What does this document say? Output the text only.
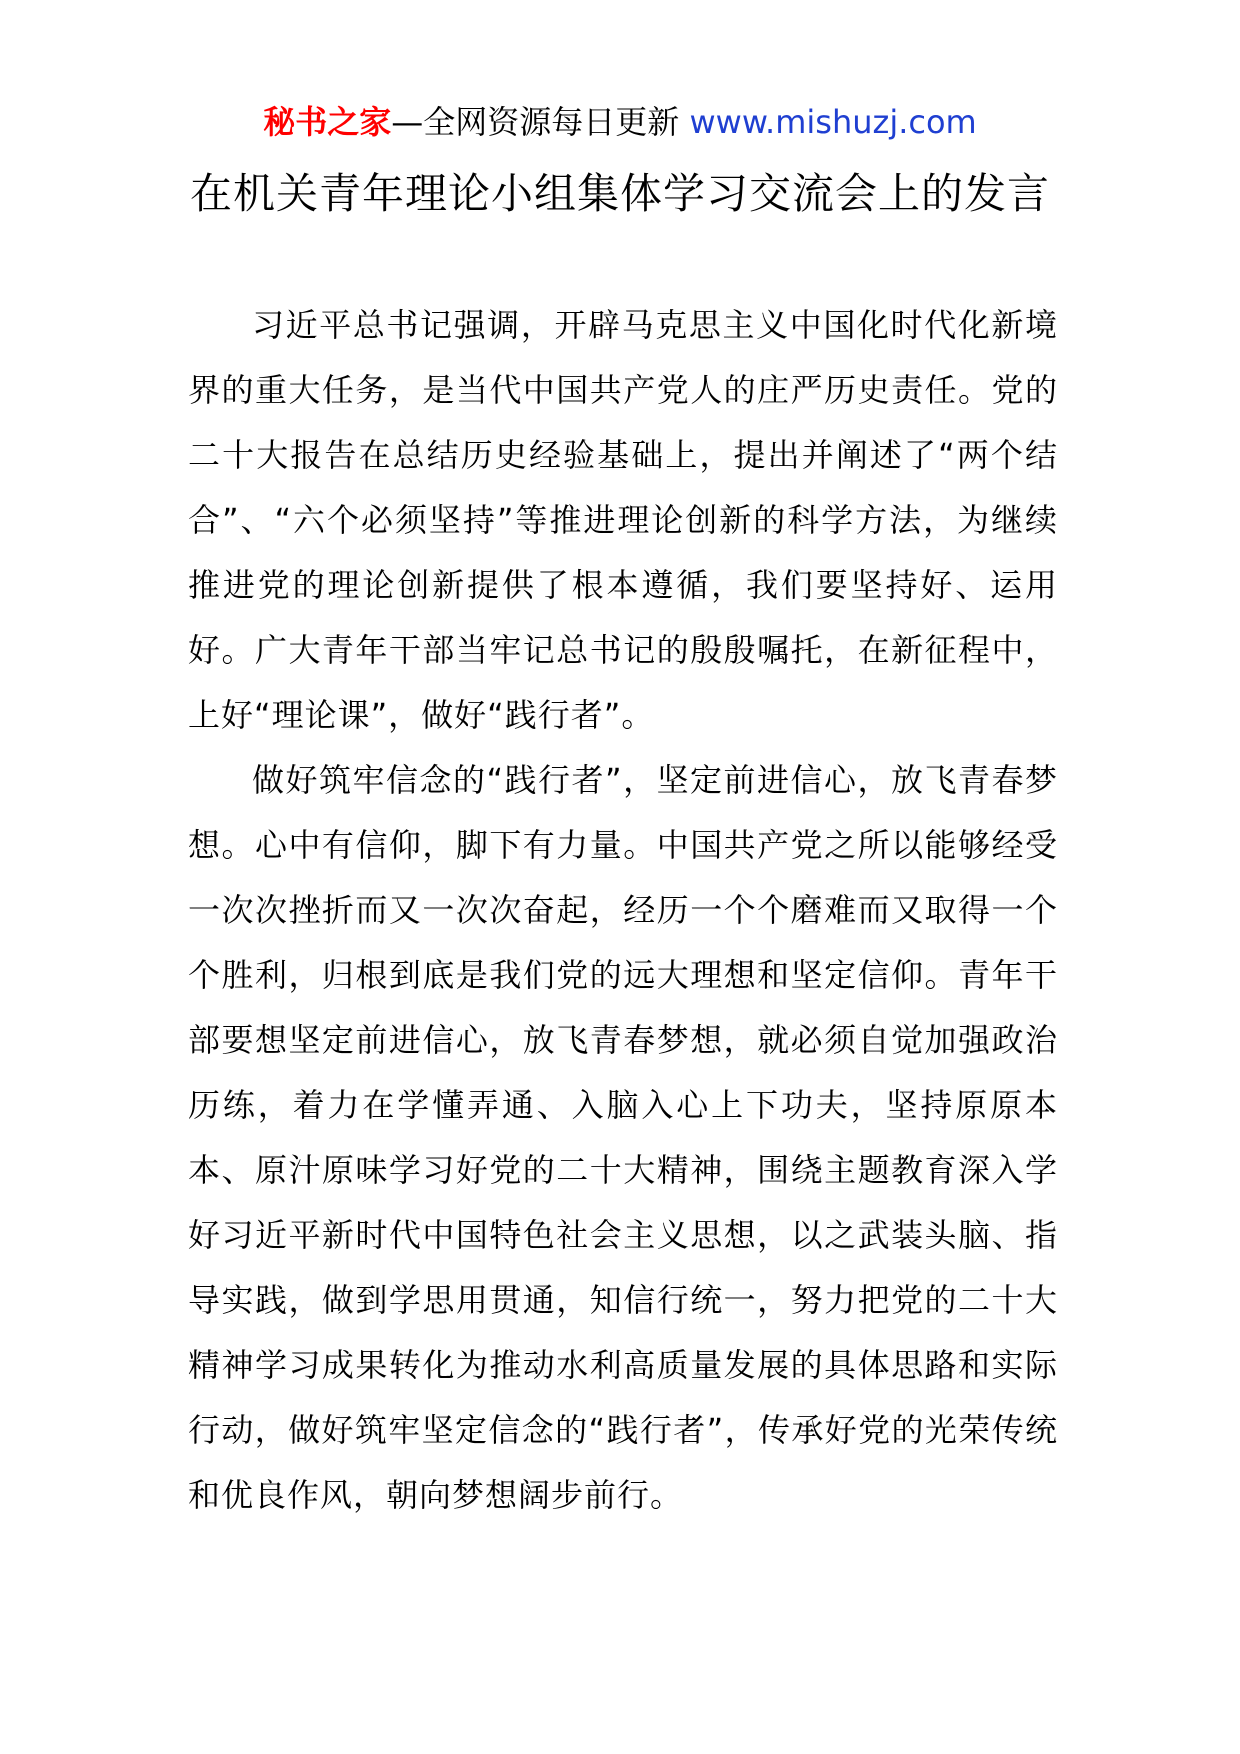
秘书之家—全网资源每日更新 www.mishuzj.com
在机关青年理论小组集体学习交流会上的发言

习近平总书记强调，开辟马克思主义中国化时代化新境界的重大任务，是当代中国共产党人的庄严历史责任。党的二十大报告在总结历史经验基础上，提出并阐述了“两个结合”、“六个必须坚持”等推进理论创新的科学方法，为继续推进党的理论创新提供了根本遵循，我们要坚持好、运用好。广大青年干部当牢记总书记的殷殷嘱托，在新征程中，上好“理论课”，做好“践行者”。

做好筑牢信念的“践行者”，坚定前进信心，放飞青春梦想。心中有信仰，脚下有力量。中国共产党之所以能够经受一次次挫折而又一次次奋起，经历一个个磨难而又取得一个个胜利，归根到底是我们党的远大理想和坚定信仰。青年干部要想坚定前进信心，放飞青春梦想，就必须自觉加强政治历练，着力在学懂弄通、入脑入心上下功夫，坚持原原本本、原汁原味学习好党的二十大精神，围绕主题教育深入学好习近平新时代中国特色社会主义思想，以之武装头脑、指导实践，做到学思用贯通，知信行统一，努力把党的二十大精神学习成果转化为推动水利高质量发展的具体思路和实际行动，做好筑牢坚定信念的“践行者”，传承好党的光荣传统和优良作风，朝向梦想阔步前行。
